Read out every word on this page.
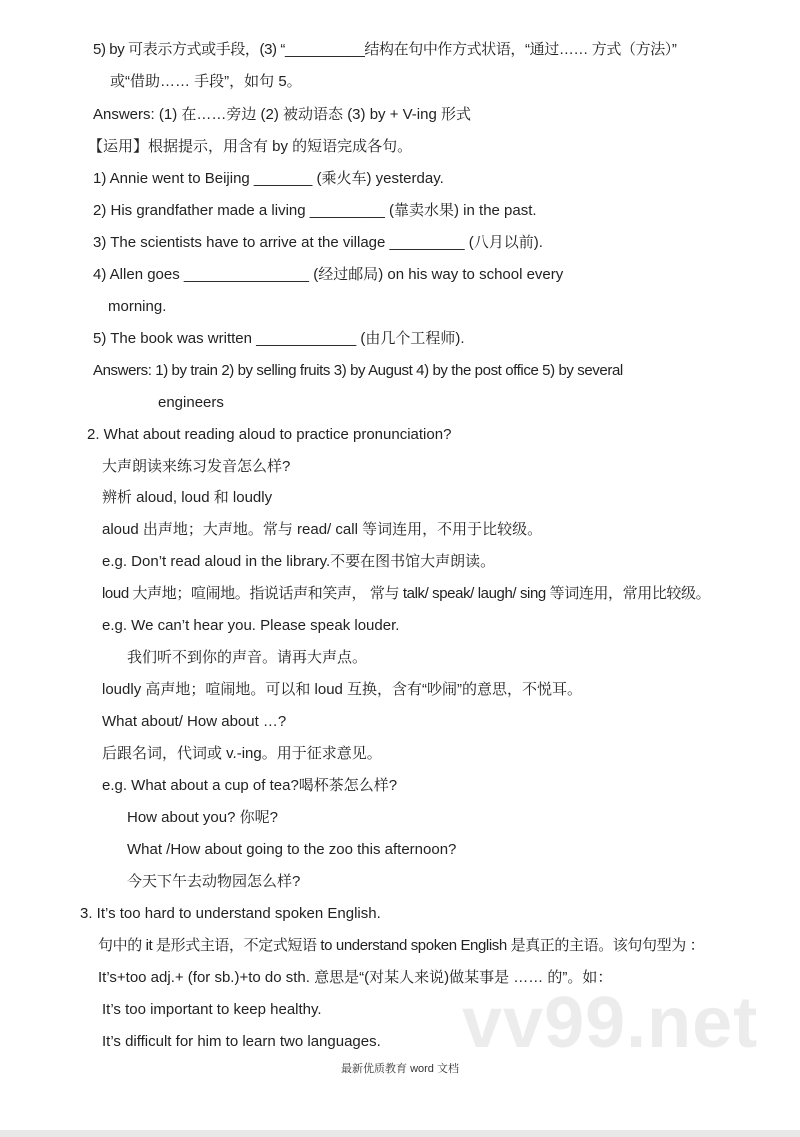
vv99.net
5) by 可表示方式或手段，(3) “__________结构在句中作方式状语，“通过…… 方式（方法）”
或“借助…… 手段”，如句 5。
Answers: (1) 在……旁边 (2) 被动语态 (3) by + V-ing 形式
【运用】根据提示，用含有 by 的短语完成各句。
1) Annie went to Beijing _______ (乘火车) yesterday.
2) His grandfather made a living _________ (靠卖水果) in the past.
3) The scientists have to arrive at the village _________ (八月以前).
4) Allen goes _______________ (经过邮局) on his way to school every
morning.
5) The book was written ____________ (由几个工程师).
Answers: 1) by train 2) by selling fruits 3) by August 4) by the post office 5) by several
engineers
2. What about reading aloud to practice pronunciation?
大声朗读来练习发音怎么样?
辨析 aloud, loud 和 loudly
aloud 出声地；大声地。常与 read/ call 等词连用，不用于比较级。
e.g. Don’t read aloud in the library.不要在图书馆大声朗读。
loud 大声地；喧闹地。指说话声和笑声， 常与 talk/ speak/ laugh/ sing 等词连用，常用比较级。
e.g. We can’t hear you. Please speak louder.
我们听不到你的声音。请再大声点。
loudly 高声地；喧闹地。可以和 loud 互换，含有“吵闹”的意思，不悦耳。
What about/ How about …?
后跟名词，代词或 v.-ing。用于征求意见。
e.g. What about a cup of tea?喝杯茶怎么样?
How about you? 你呢?
What /How about going to the zoo this afternoon?
今天下午去动物园怎么样?
3. It’s too hard to understand spoken English.
句中的 it 是形式主语，不定式短语 to understand spoken English 是真正的主语。该句句型为 ：
It’s+too adj.+ (for sb.)+to do sth. 意思是“(对某人来说)做某事是 …… 的”。如：
It’s too important to keep healthy.
It’s difficult for him to learn two languages.
最新优质教育 word 文档
